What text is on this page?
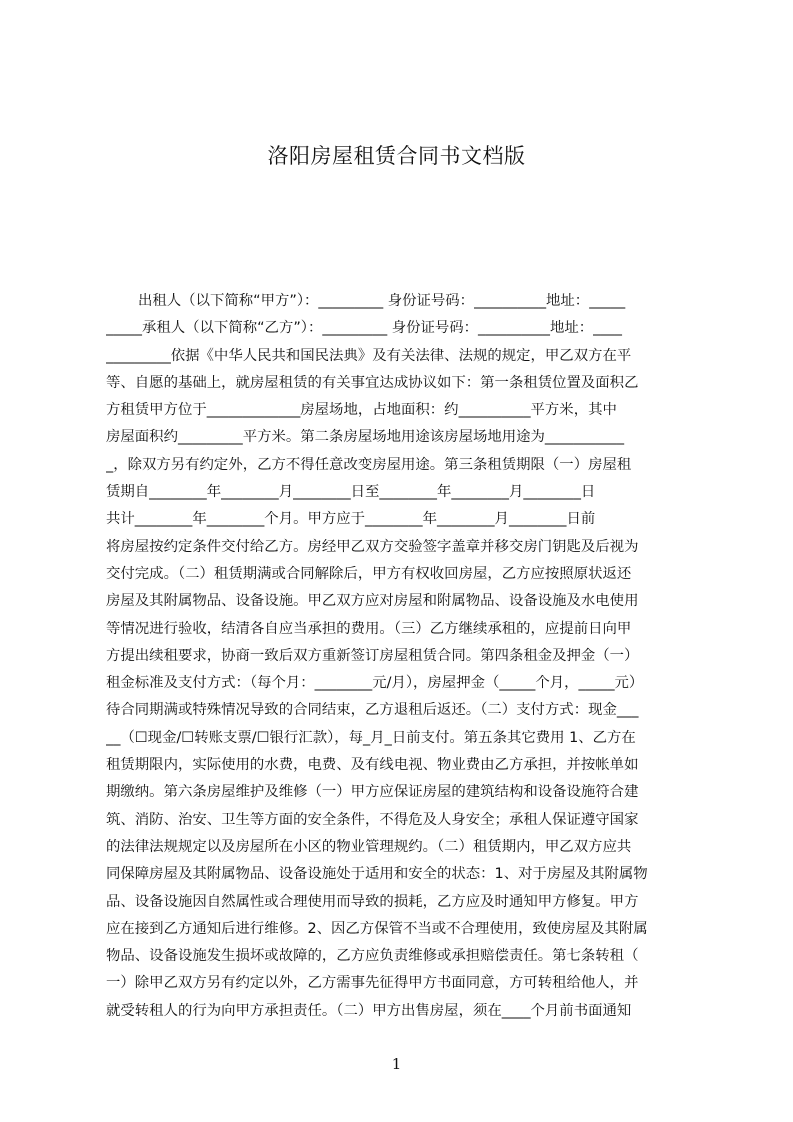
洛阳房屋租赁合同书文档版
出租人（以下简称“甲方”）：_________ 身份证号码：__________地址：_____
_____承租人（以下简称“乙方”）：_________ 身份证号码：__________地址：____
_________依据《中华人民共和国民法典》及有关法律、法规的规定，甲乙双方在平
等、自愿的基础上，就房屋租赁的有关事宜达成协议如下：第一条租赁位置及面积乙
方租赁甲方位于_____________房屋场地，占地面积：约__________平方米，其中
房屋面积约_________平方米。第二条房屋场地用途该房屋场地用途为___________
_，除双方另有约定外，乙方不得任意改变房屋用途。第三条租赁期限（一）房屋租
赁期自________年________月________日至________年________月________日
共计________年________个月。甲方应于________年________月________日前
将房屋按约定条件交付给乙方。房经甲乙双方交验签字盖章并移交房门钥匙及后视为
交付完成。（二）租赁期满或合同解除后，甲方有权收回房屋，乙方应按照原状返还
房屋及其附属物品、设备设施。甲乙双方应对房屋和附属物品、设备设施及水电使用
等情况进行验收，结清各自应当承担的费用。（三）乙方继续承租的，应提前日向甲
方提出续租要求，协商一致后双方重新签订房屋租赁合同。第四条租金及押金（一）
租金标准及支付方式：（每个月：________元/月），房屋押金（_____个月，_____元）
待合同期满或特殊情况导致的合同结束，乙方退租后返还。（二）支付方式：现金___
__（☐现金/☐转账支票/☐银行汇款），每_月_日前支付。第五条其它费用 1、乙方在
租赁期限内，实际使用的水费，电费、及有线电视、物业费由乙方承担，并按帐单如
期缴纳。第六条房屋维护及维修（一）甲方应保证房屋的建筑结构和设备设施符合建
筑、消防、治安、卫生等方面的安全条件，不得危及人身安全；承租人保证遵守国家
的法律法规规定以及房屋所在小区的物业管理规约。（二）租赁期内，甲乙双方应共
同保障房屋及其附属物品、设备设施处于适用和安全的状态：1、对于房屋及其附属物
品、设备设施因自然属性或合理使用而导致的损耗，乙方应及时通知甲方修复。甲方
应在接到乙方通知后进行维修。2、因乙方保管不当或不合理使用，致使房屋及其附属
物品、设备设施发生损坏或故障的，乙方应负责维修或承担赔偿责任。第七条转租（
一）除甲乙双方另有约定以外，乙方需事先征得甲方书面同意，方可转租给他人，并
就受转租人的行为向甲方承担责任。（二）甲方出售房屋，须在____个月前书面通知
1
